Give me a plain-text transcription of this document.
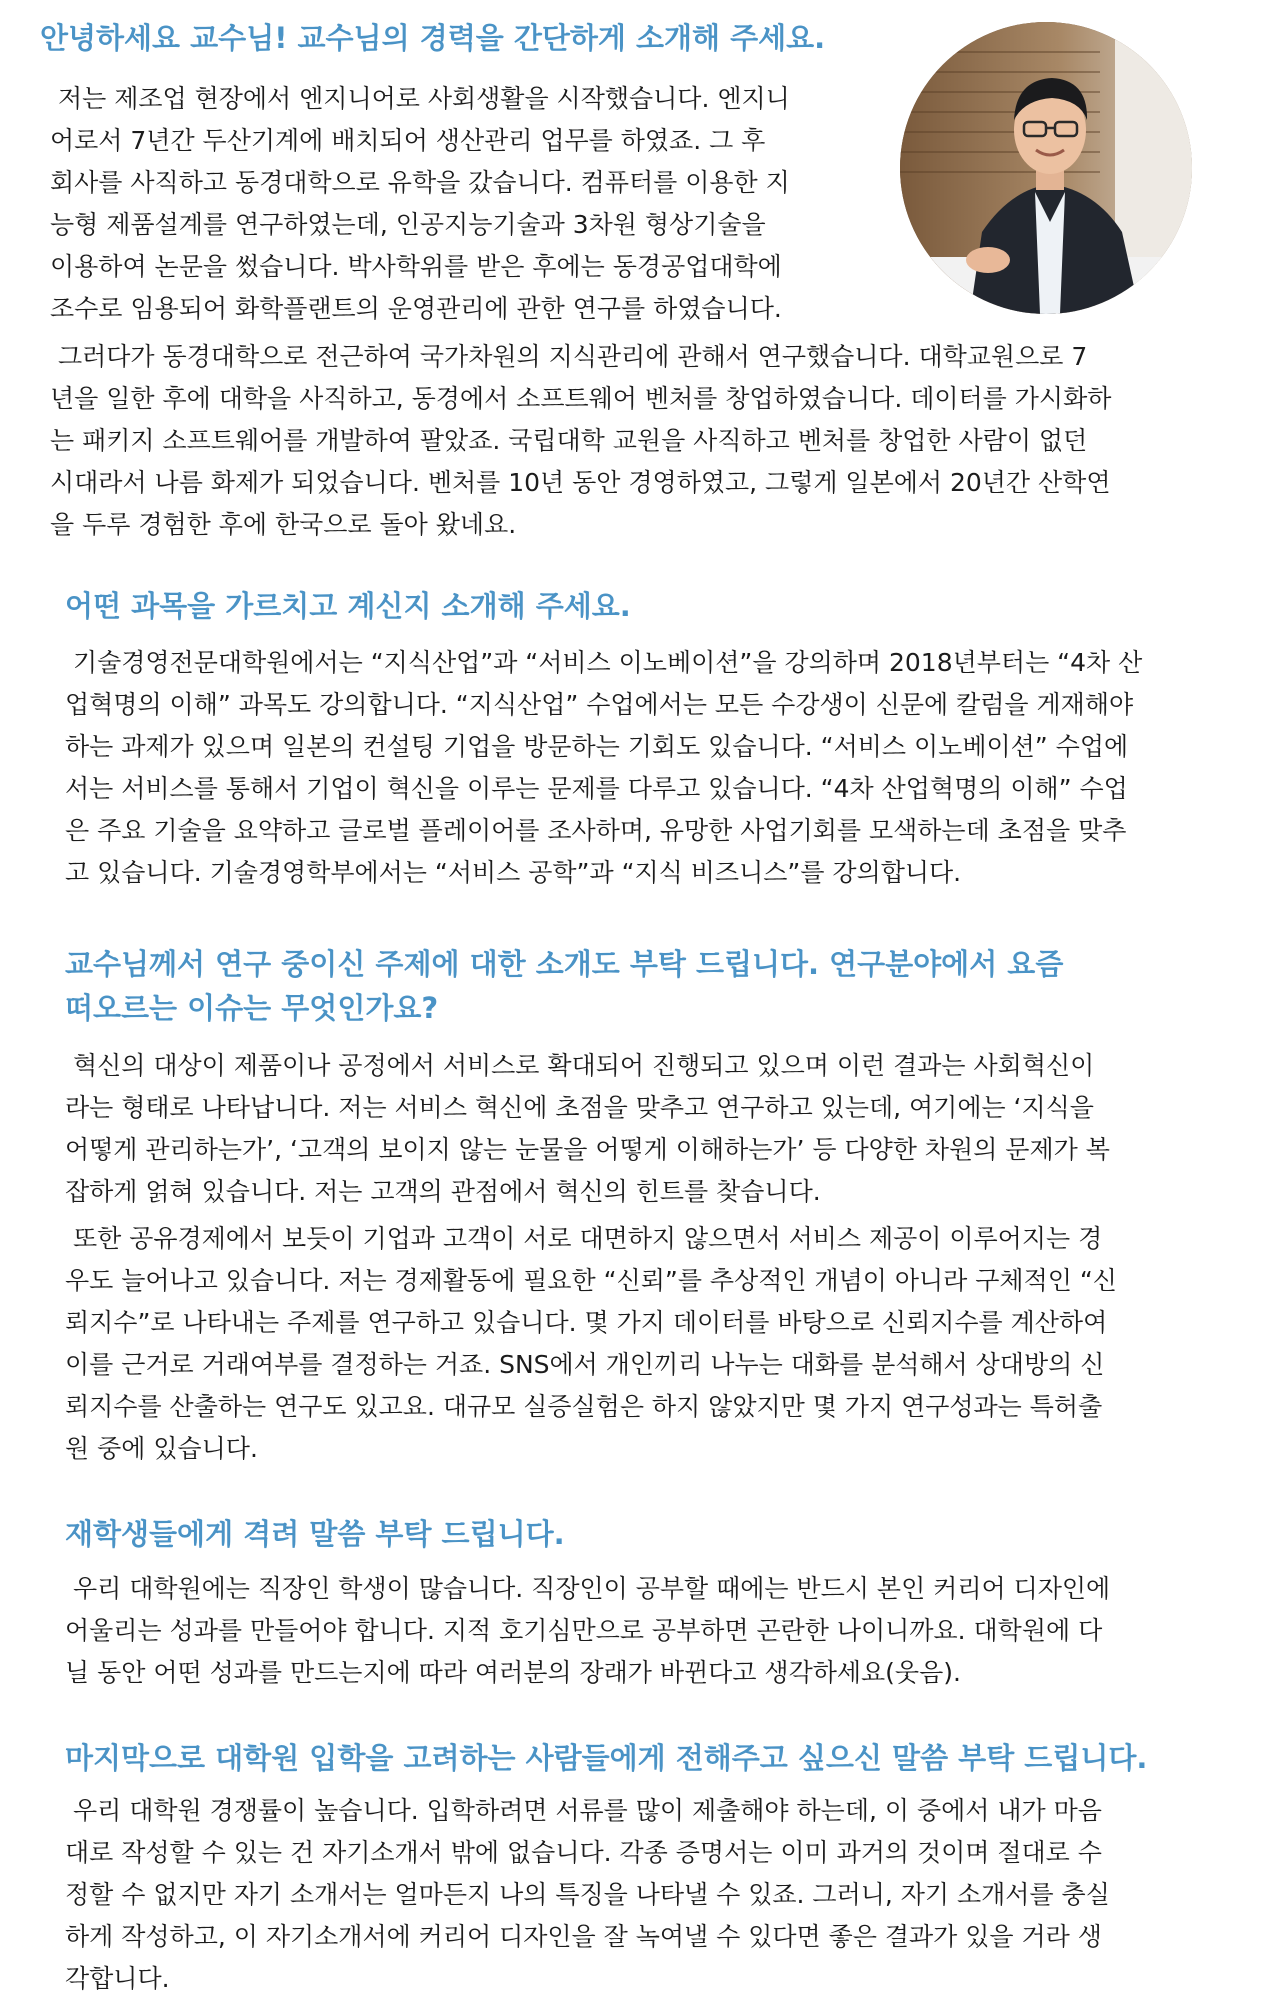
안녕하세요 교수님! 교수님의 경력을 간단하게 소개해 주세요.

저는 제조업 현장에서 엔지니어로 사회생활을 시작했습니다. 엔지니
어로서 7년간 두산기계에 배치되어 생산관리 업무를 하였죠. 그 후
회사를 사직하고 동경대학으로 유학을 갔습니다. 컴퓨터를 이용한 지
능형 제품설계를 연구하였는데, 인공지능기술과 3차원 형상기술을
이용하여 논문을 썼습니다. 박사학위를 받은 후에는 동경공업대학에
조수로 임용되어 화학플랜트의 운영관리에 관한 연구를 하였습니다.

그러다가 동경대학으로 전근하여 국가차원의 지식관리에 관해서 연구했습니다. 대학교원으로 7
년을 일한 후에 대학을 사직하고, 동경에서 소프트웨어 벤처를 창업하였습니다. 데이터를 가시화하
는 패키지 소프트웨어를 개발하여 팔았죠. 국립대학 교원을 사직하고 벤처를 창업한 사람이 없던
시대라서 나름 화제가 되었습니다. 벤처를 10년 동안 경영하였고, 그렇게 일본에서 20년간 산학연
을 두루 경험한 후에 한국으로 돌아 왔네요.

어떤 과목을 가르치고 계신지 소개해 주세요.

기술경영전문대학원에서는 “지식산업”과 “서비스 이노베이션”을 강의하며 2018년부터는 “4차 산
업혁명의 이해” 과목도 강의합니다. “지식산업” 수업에서는 모든 수강생이 신문에 칼럼을 게재해야
하는 과제가 있으며 일본의 컨설팅 기업을 방문하는 기회도 있습니다. “서비스 이노베이션” 수업에
서는 서비스를 통해서 기업이 혁신을 이루는 문제를 다루고 있습니다. “4차 산업혁명의 이해” 수업
은 주요 기술을 요약하고 글로벌 플레이어를 조사하며, 유망한 사업기회를 모색하는데 초점을 맞추
고 있습니다. 기술경영학부에서는 “서비스 공학”과 “지식 비즈니스”를 강의합니다.

교수님께서 연구 중이신 주제에 대한 소개도 부탁 드립니다. 연구분야에서 요즘
떠오르는 이슈는 무엇인가요?

혁신의 대상이 제품이나 공정에서 서비스로 확대되어 진행되고 있으며 이런 결과는 사회혁신이
라는 형태로 나타납니다. 저는 서비스 혁신에 초점을 맞추고 연구하고 있는데, 여기에는 ‘지식을
어떻게 관리하는가’, ‘고객의 보이지 않는 눈물을 어떻게 이해하는가’ 등 다양한 차원의 문제가 복
잡하게 얽혀 있습니다. 저는 고객의 관점에서 혁신의 힌트를 찾습니다.

또한 공유경제에서 보듯이 기업과 고객이 서로 대면하지 않으면서 서비스 제공이 이루어지는 경
우도 늘어나고 있습니다. 저는 경제활동에 필요한 “신뢰”를 추상적인 개념이 아니라 구체적인 “신
뢰지수”로 나타내는 주제를 연구하고 있습니다. 몇 가지 데이터를 바탕으로 신뢰지수를 계산하여
이를 근거로 거래여부를 결정하는 거죠. SNS에서 개인끼리 나누는 대화를 분석해서 상대방의 신
뢰지수를 산출하는 연구도 있고요. 대규모 실증실험은 하지 않았지만 몇 가지 연구성과는 특허출
원 중에 있습니다.

재학생들에게 격려 말씀 부탁 드립니다.

우리 대학원에는 직장인 학생이 많습니다. 직장인이 공부할 때에는 반드시 본인 커리어 디자인에
어울리는 성과를 만들어야 합니다. 지적 호기심만으로 공부하면 곤란한 나이니까요. 대학원에 다
닐 동안 어떤 성과를 만드는지에 따라 여러분의 장래가 바뀐다고 생각하세요(웃음).

마지막으로 대학원 입학을 고려하는 사람들에게 전해주고 싶으신 말씀 부탁 드립니다.

우리 대학원 경쟁률이 높습니다. 입학하려면 서류를 많이 제출해야 하는데, 이 중에서 내가 마음
대로 작성할 수 있는 건 자기소개서 밖에 없습니다. 각종 증명서는 이미 과거의 것이며 절대로 수
정할 수 없지만 자기 소개서는 얼마든지 나의 특징을 나타낼 수 있죠. 그러니, 자기 소개서를 충실
하게 작성하고, 이 자기소개서에 커리어 디자인을 잘 녹여낼 수 있다면 좋은 결과가 있을 거라 생
각합니다.
